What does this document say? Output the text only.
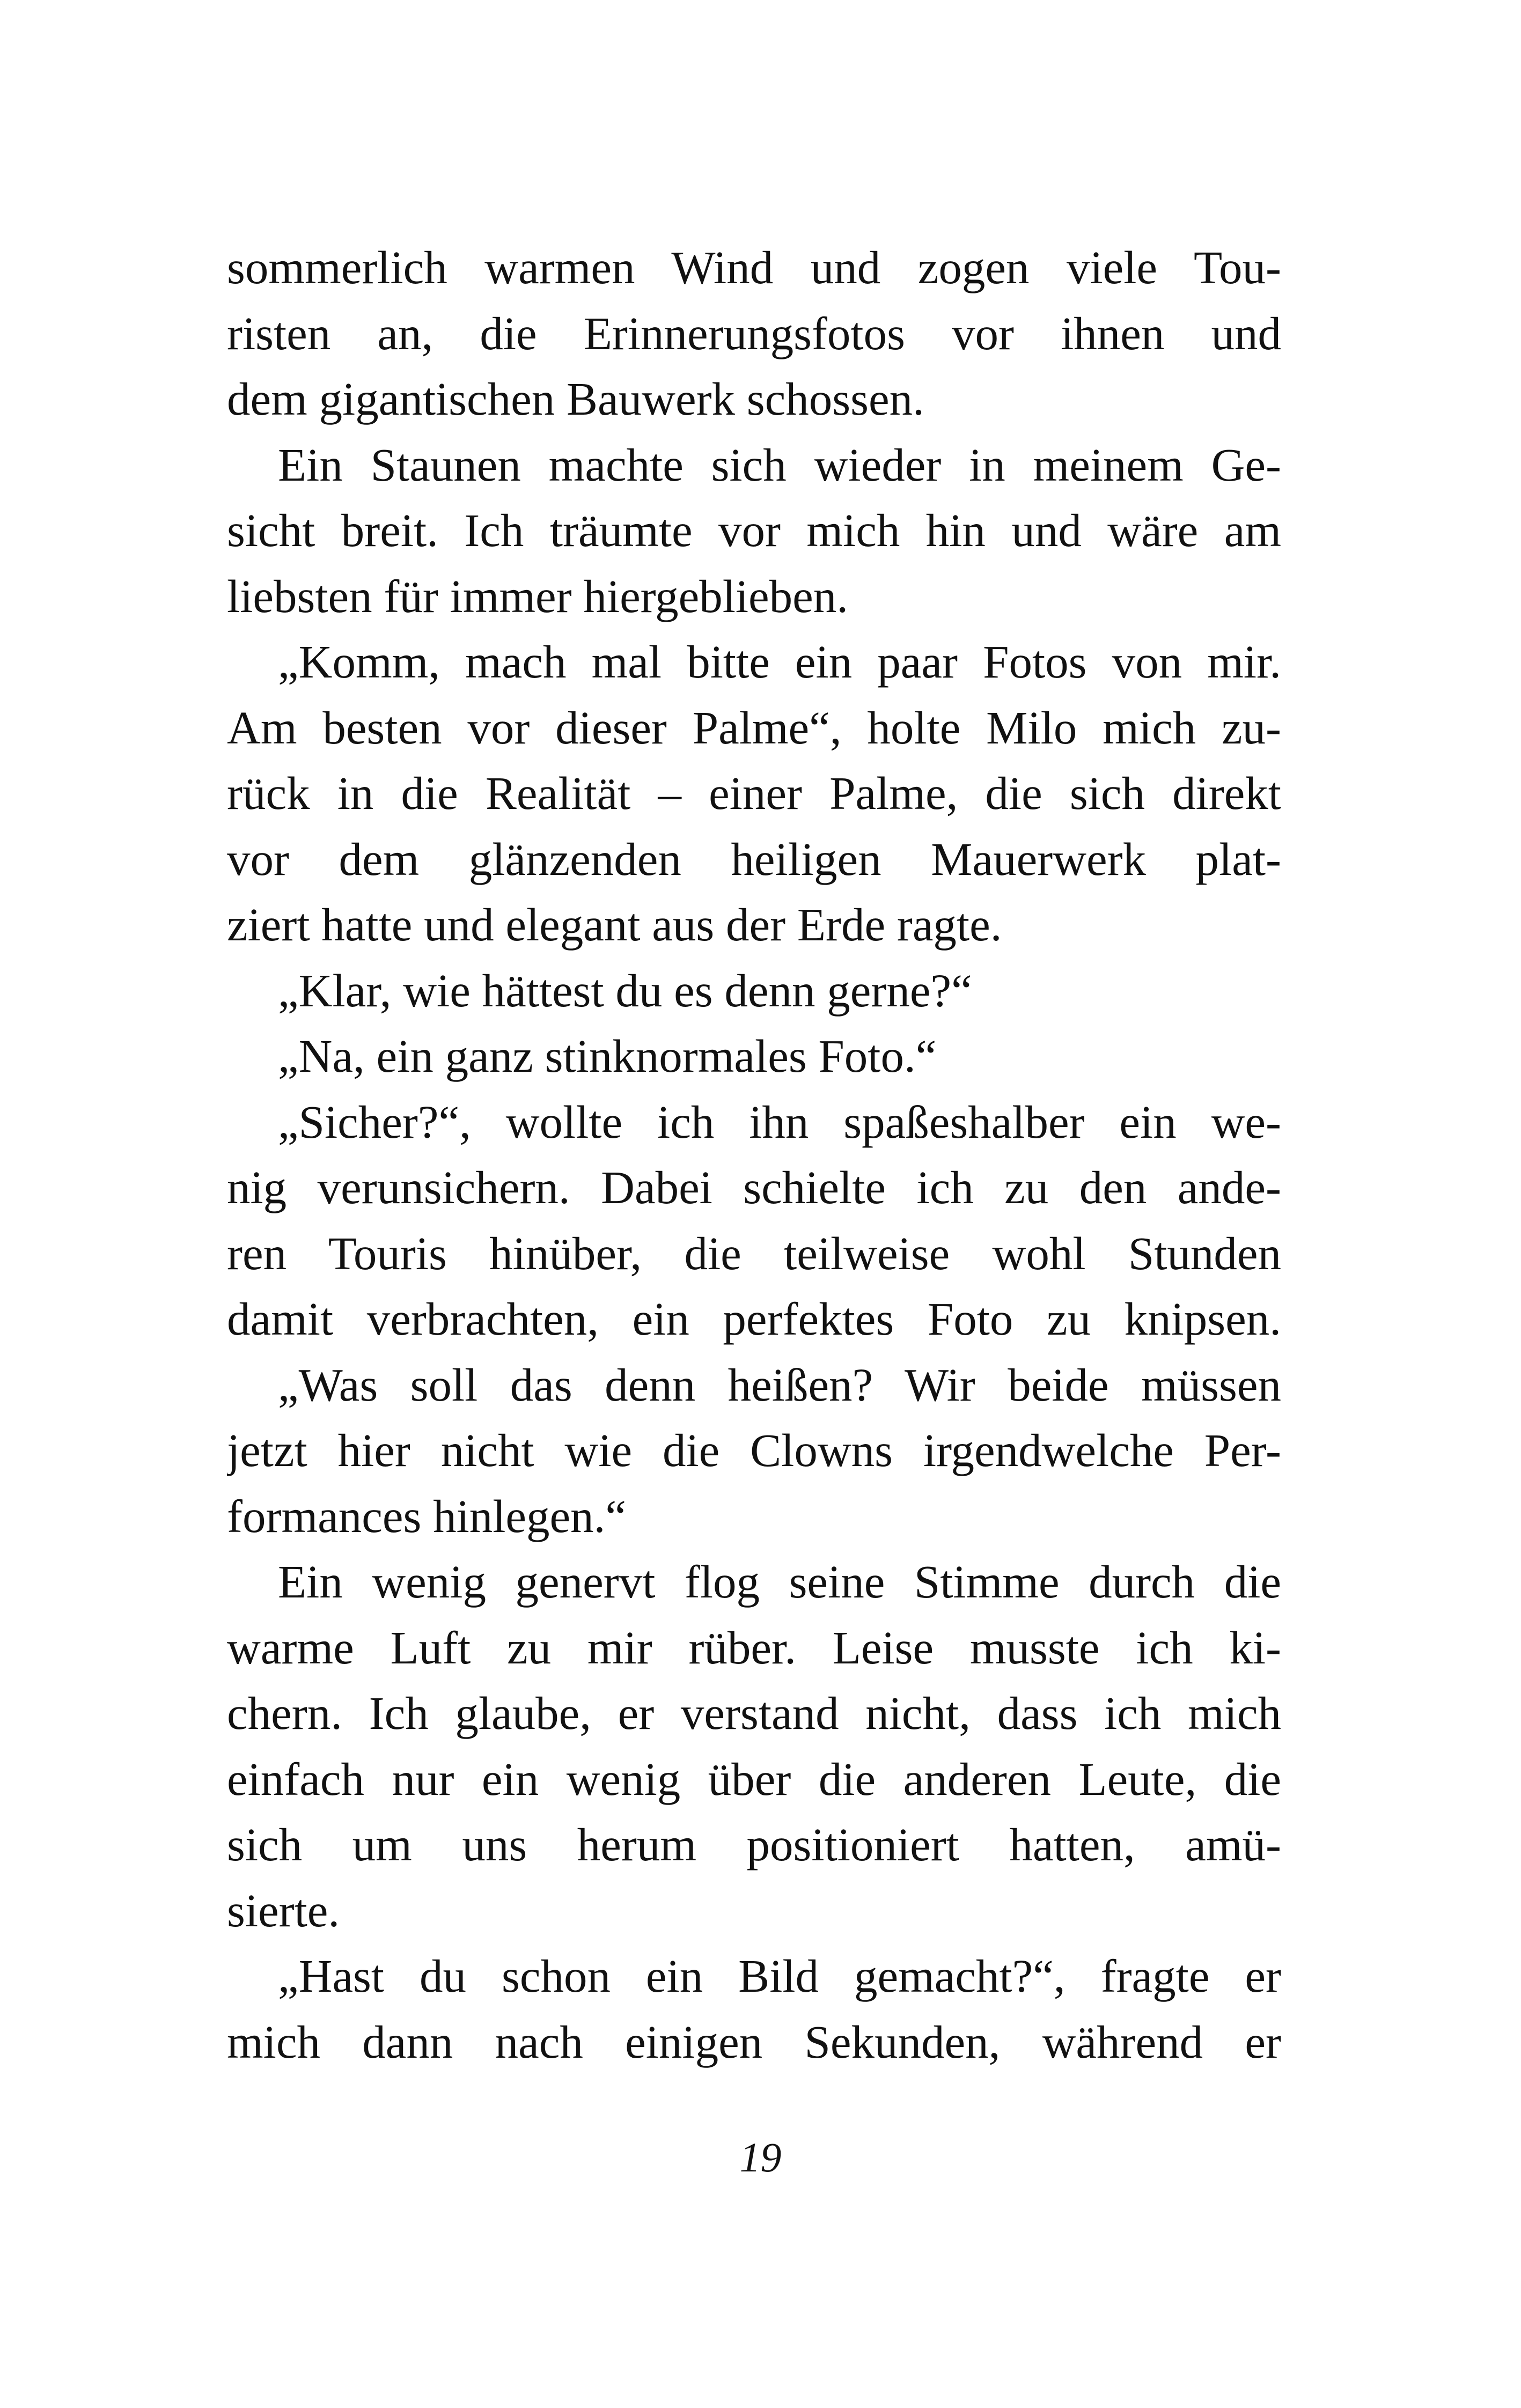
sommerlich warmen Wind und zogen viele Tou-
risten an, die Erinnerungsfotos vor ihnen und
dem gigantischen Bauwerk schossen.
Ein Staunen machte sich wieder in meinem Ge-
sicht breit. Ich träumte vor mich hin und wäre am
liebsten für immer hiergeblieben.
„Komm, mach mal bitte ein paar Fotos von mir.
Am besten vor dieser Palme“, holte Milo mich zu-
rück in die Realität – einer Palme, die sich direkt
vor dem glänzenden heiligen Mauerwerk plat-
ziert hatte und elegant aus der Erde ragte.
„Klar, wie hättest du es denn gerne?“
„Na, ein ganz stinknormales Foto.“
„Sicher?“, wollte ich ihn spaßeshalber ein we-
nig verunsichern. Dabei schielte ich zu den ande-
ren Touris hinüber, die teilweise wohl Stunden
damit verbrachten, ein perfektes Foto zu knipsen.
„Was soll das denn heißen? Wir beide müssen
jetzt hier nicht wie die Clowns irgendwelche Per-
formances hinlegen.“
Ein wenig genervt flog seine Stimme durch die
warme Luft zu mir rüber. Leise musste ich ki-
chern. Ich glaube, er verstand nicht, dass ich mich
einfach nur ein wenig über die anderen Leute, die
sich um uns herum positioniert hatten, amü-
sierte.
„Hast du schon ein Bild gemacht?“, fragte er
mich dann nach einigen Sekunden, während er
19
